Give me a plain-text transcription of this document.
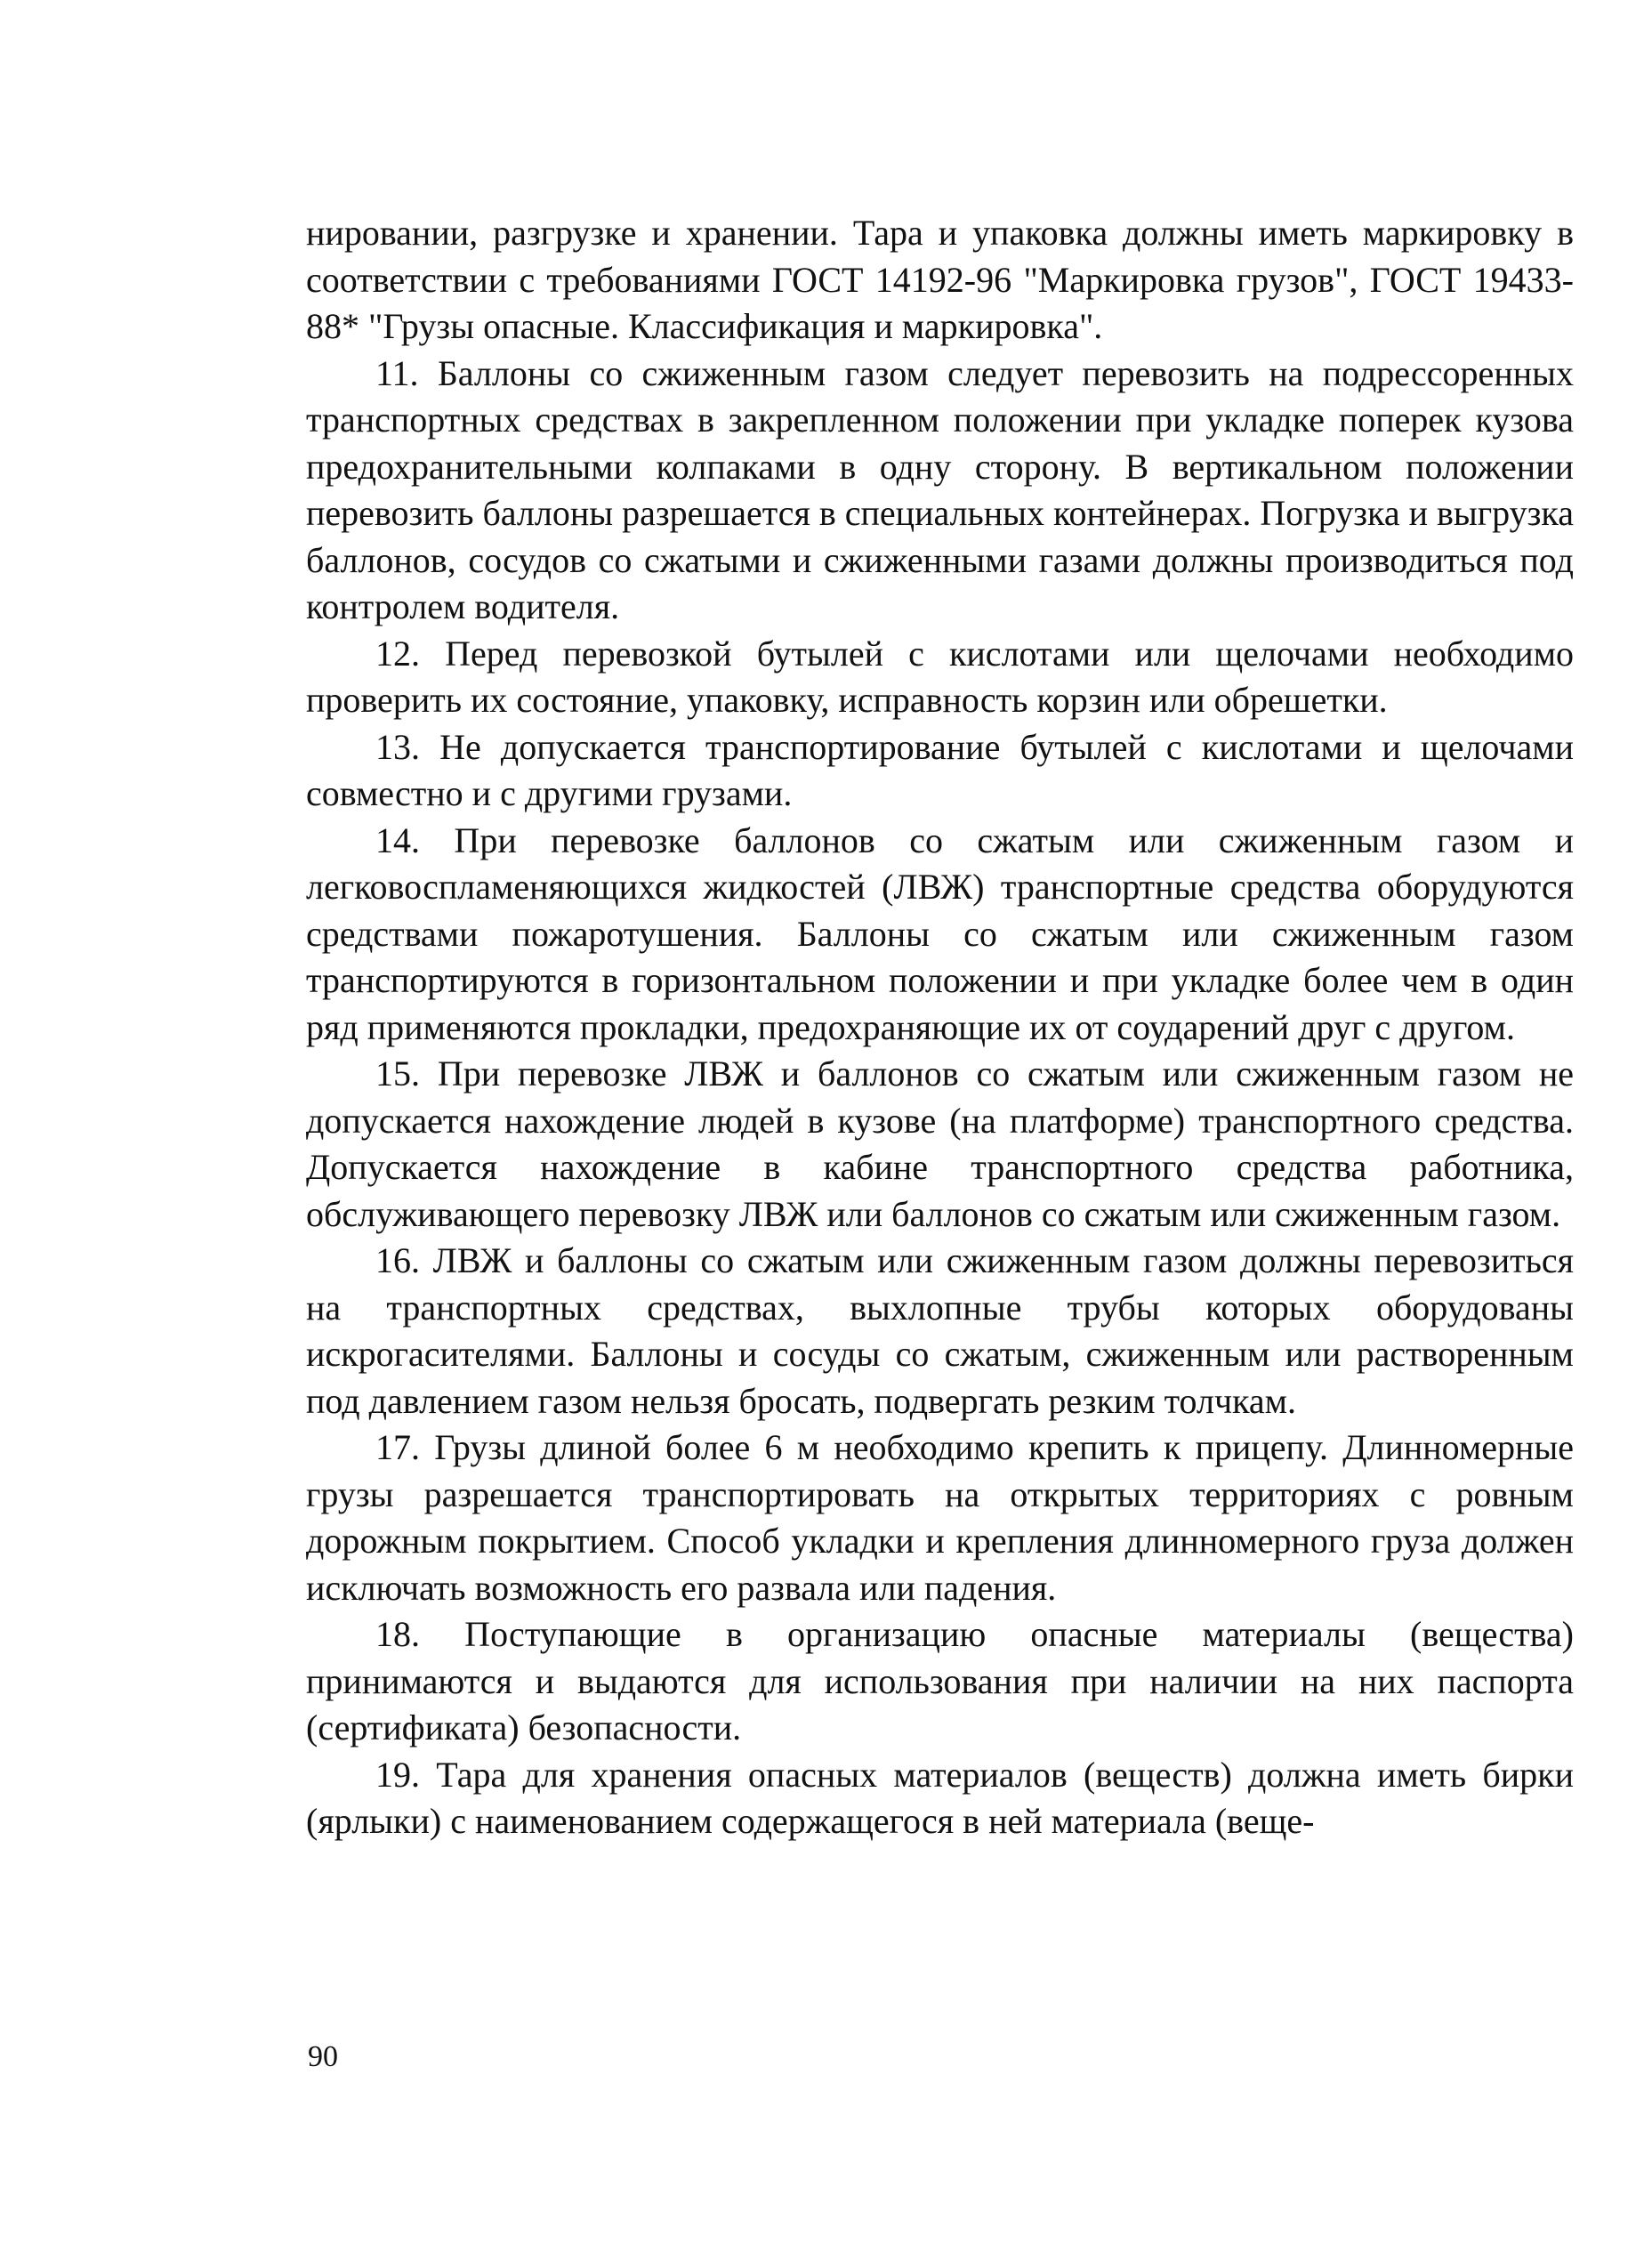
нировании, разгрузке и хранении. Тара и упаковка должны иметь маркировку в соответствии с требованиями ГОСТ 14192-96 "Маркировка грузов", ГОСТ 19433-88* "Грузы опасные. Классификация и маркировка".

11. Баллоны со сжиженным газом следует перевозить на подрессоренных транспортных средствах в закрепленном положении при укладке поперек кузова предохранительными колпаками в одну сторону. В вертикальном положении перевозить баллоны разрешается в специальных контейнерах. Погрузка и выгрузка баллонов, сосудов со сжатыми и сжиженными газами должны производиться под контролем водителя.

12. Перед перевозкой бутылей с кислотами или щелочами необходимо проверить их состояние, упаковку, исправность корзин или обрешетки.

13. Не допускается транспортирование бутылей с кислотами и щелочами совместно и с другими грузами.

14. При перевозке баллонов со сжатым или сжиженным газом и легковоспламеняющихся жидкостей (ЛВЖ) транспортные средства оборудуются средствами пожаротушения. Баллоны со сжатым или сжиженным газом транспортируются в горизонтальном положении и при укладке более чем в один ряд применяются прокладки, предохраняющие их от соударений друг с другом.

15. При перевозке ЛВЖ и баллонов со сжатым или сжиженным газом не допускается нахождение людей в кузове (на платформе) транспортного средства. Допускается нахождение в кабине транспортного средства работника, обслуживающего перевозку ЛВЖ или баллонов со сжатым или сжиженным газом.

16. ЛВЖ и баллоны со сжатым или сжиженным газом должны перевозиться на транспортных средствах, выхлопные трубы которых оборудованы искрогасителями. Баллоны и сосуды со сжатым, сжиженным или растворенным под давлением газом нельзя бросать, подвергать резким толчкам.

17. Грузы длиной более 6 м необходимо крепить к прицепу. Длинномерные грузы разрешается транспортировать на открытых территориях с ровным дорожным покрытием. Способ укладки и крепления длинномерного груза должен исключать возможность его развала или падения.

18. Поступающие в организацию опасные материалы (вещества) принимаются и выдаются для использования при наличии на них паспорта (сертификата) безопасности.

19. Тара для хранения опасных материалов (веществ) должна иметь бирки (ярлыки) с наименованием содержащегося в ней материала (веще-

90
